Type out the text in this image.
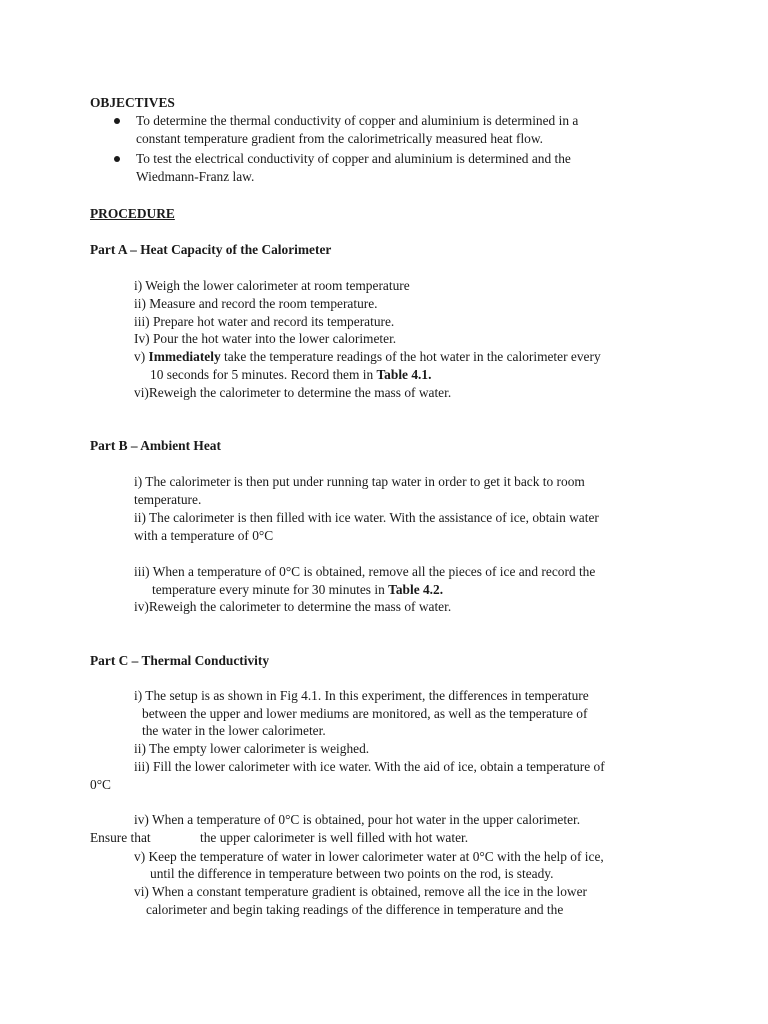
OBJECTIVES
To determine the thermal conductivity of copper and aluminium is determined in a
constant temperature gradient from the calorimetrically measured heat flow.
To test the electrical conductivity of copper and aluminium is determined and the
Wiedmann-Franz law.
PROCEDURE
Part A – Heat Capacity of the Calorimeter
i) Weigh the lower calorimeter at room temperature
ii) Measure and record the room temperature.
iii) Prepare hot water and record its temperature.
Iv) Pour the hot water into the lower calorimeter.
v) Immediately take the temperature readings of the hot water in the calorimeter every
10 seconds for 5 minutes. Record them in Table 4.1.
vi)Reweigh the calorimeter to determine the mass of water.
Part B – Ambient Heat
i) The calorimeter is then put under running tap water in order to get it back to room
temperature.
ii) The calorimeter is then filled with ice water. With the assistance of ice, obtain water
with a temperature of 0°C
iii) When a temperature of 0°C is obtained, remove all the pieces of ice and record the
temperature every minute for 30 minutes in Table 4.2.
iv)Reweigh the calorimeter to determine the mass of water.
Part C – Thermal Conductivity
i) The setup is as shown in Fig 4.1. In this experiment, the differences in temperature
between the upper and lower mediums are monitored, as well as the temperature of
the water in the lower calorimeter.
ii) The empty lower calorimeter is weighed.
iii) Fill the lower calorimeter with ice water. With the aid of ice, obtain a temperature of
0°C
iv) When a temperature of 0°C is obtained, pour hot water in the upper calorimeter.
Ensure that	the upper calorimeter is well filled with hot water.
v) Keep the temperature of water in lower calorimeter water at 0°C with the help of ice,
until the difference in temperature between two points on the rod, is steady.
vi) When a constant temperature gradient is obtained, remove all the ice in the lower
calorimeter and begin taking readings of the difference in temperature and the
